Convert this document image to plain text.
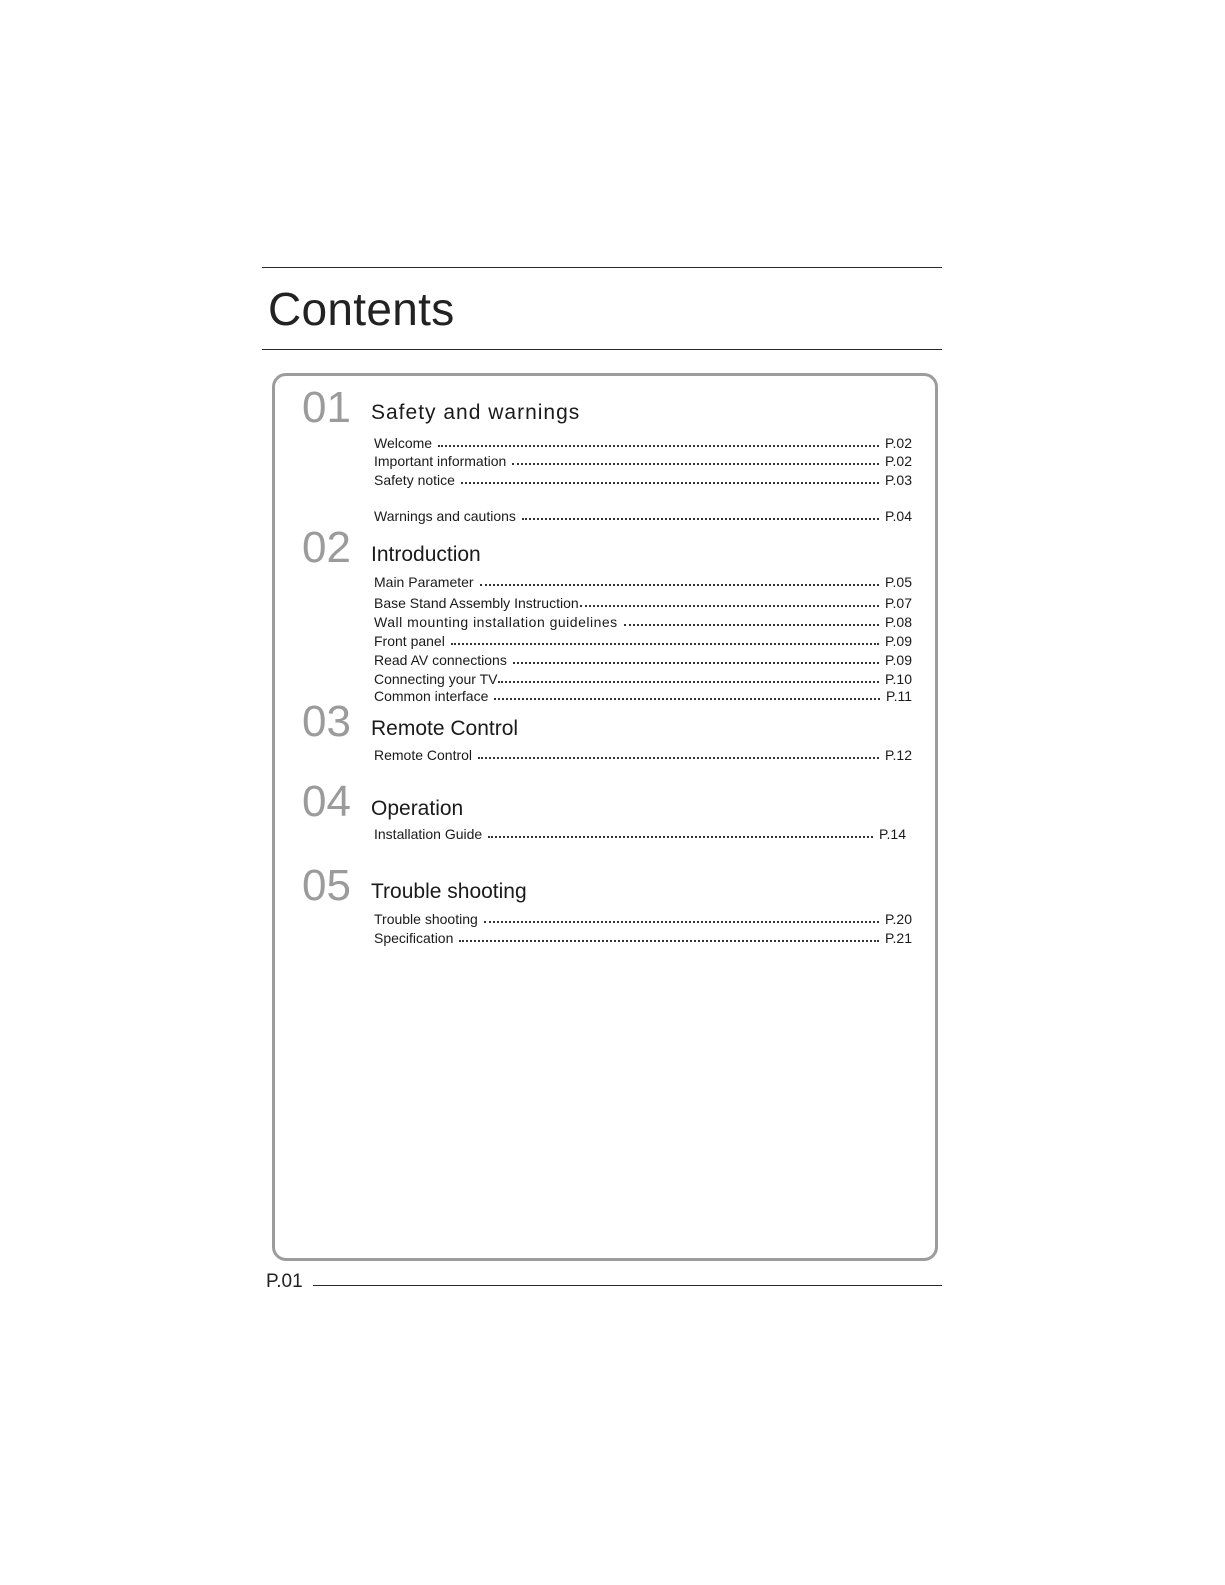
Contents
01 Safety and warnings
Welcome	P.02
Important information	P.02
Safety notice	P.03
Warnings and cautions	P.04
02 Introduction
Main Parameter	P.05
Base Stand Assembly Instruction	P.07
Wall mounting installation guidelines	P.08
Front panel	P.09
Read AV connections	P.09
Connecting your TV	P.10
Common interface	P.11
03 Remote Control
Remote Control	P.12
04 Operation
Installation Guide	P.14
05 Trouble shooting
Trouble shooting	P.20
Specification	P.21
P.01
